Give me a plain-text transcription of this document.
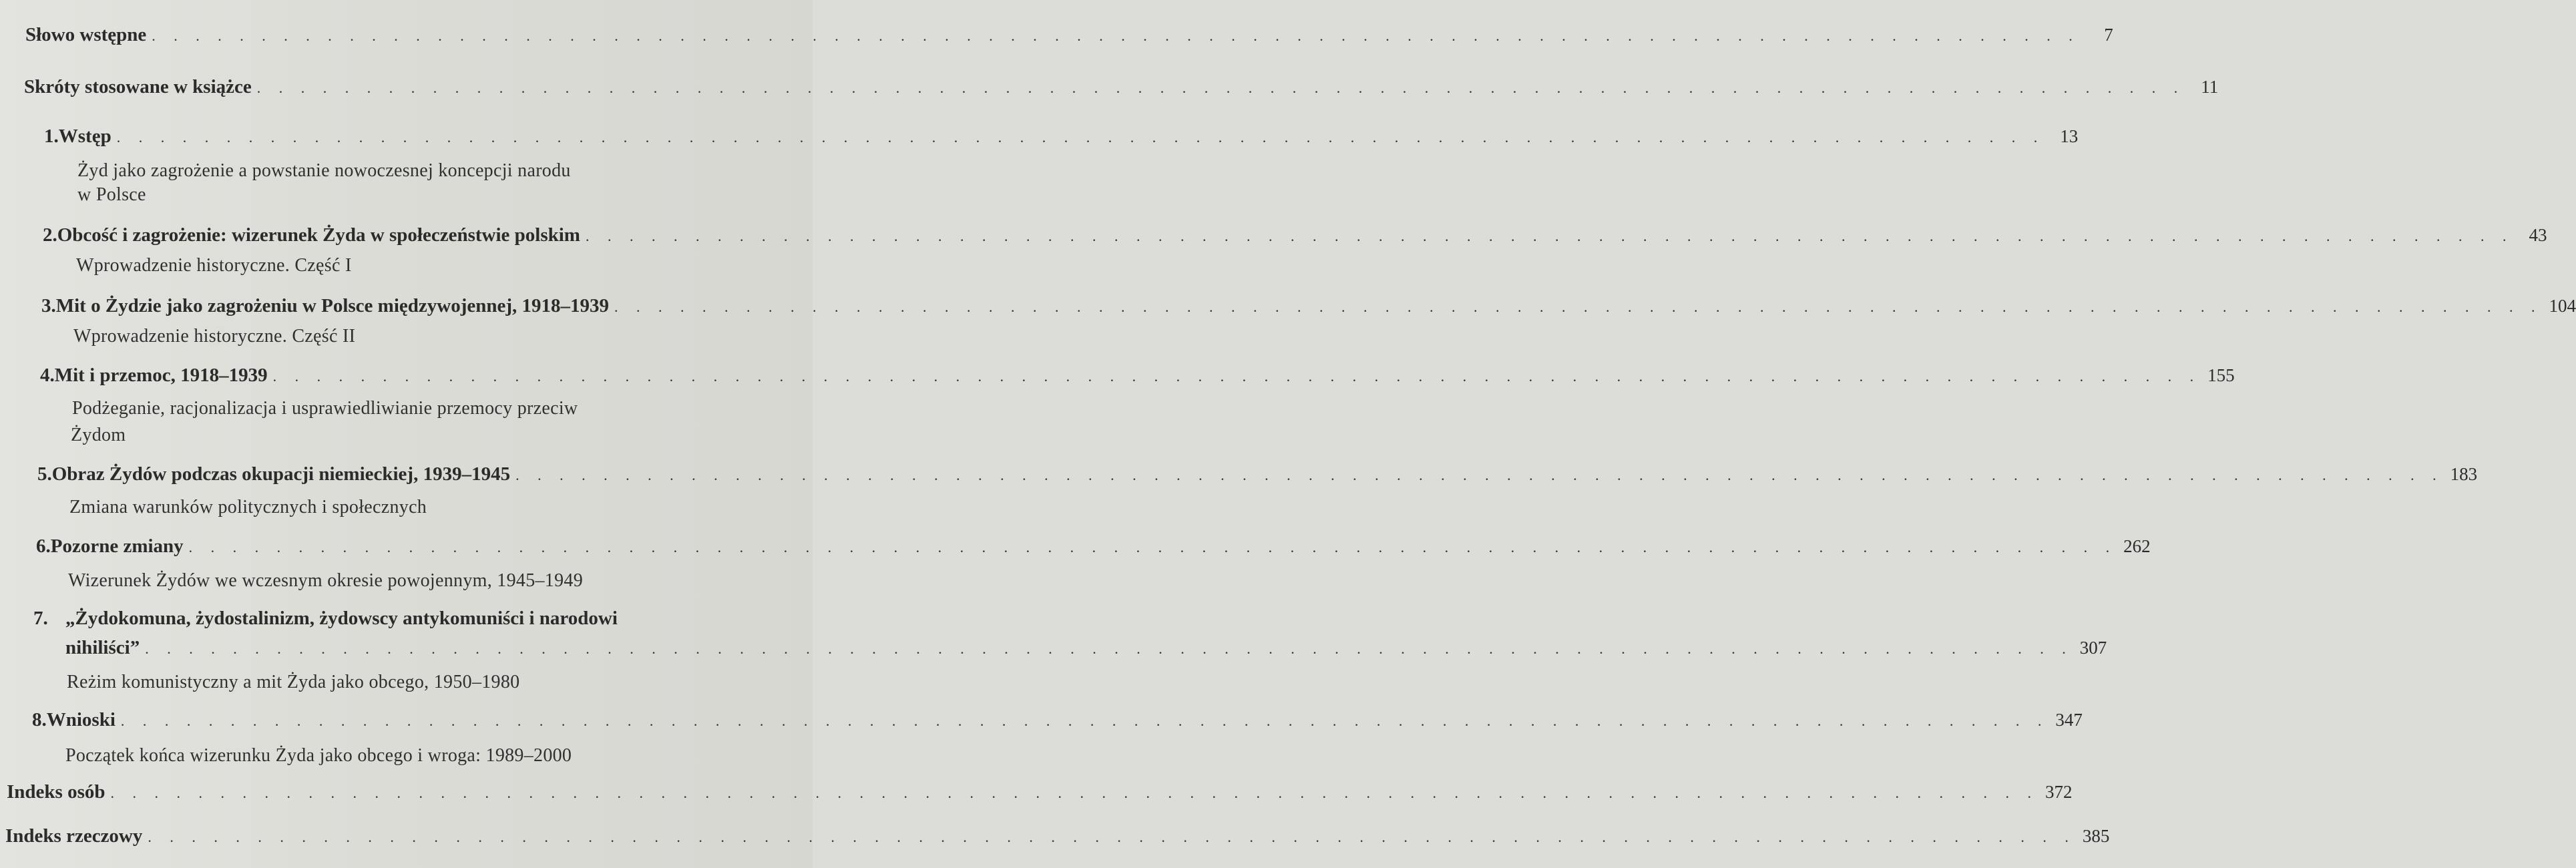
Słowo wstępne . . . . . . . . . . . . . . . . . . . . . . . . . . . . . . . . . . . . . . . . . . . . . . . . . . . . . . . . . . . . . . . . . . . . . . . . . . . . . . . . . . . . . . . .	7
Skróty stosowane w książce . . . . . . . . . . . . . . . . . . . . . . . . . . . . . . . . . . . . . . . . . . . . . . . . . . . . . . . . . . . . . . . . . . . . . . . . . . . . . . . . . . . . . . . . 11
1. Wstęp . . . . . . . . . . . . . . . . . . . . . . . . . . . . . . . . . . . . . . . . . . . . . . . . . . . . . . . . . . . . . . . . . . . . . . . . . . . . . . . . . . . . . . . . 13
Żyd jako zagrożenie a powstanie nowoczesnej koncepcji narodu
w Polsce
2. Obcość i zagrożenie: wizerunek Żyda w społeczeństwie polskim . . . . . . . . . . . . . . . . . . . . . . . . . . . . . . . . . . . . . . . . . . . . . . . . . . . . . . . . . . . . . . . . . . . . . . . . . . . . . . . . . . . . . . . . 43
Wprowadzenie historyczne. Część I
3. Mit o Żydzie jako zagrożeniu w Polsce międzywojennej, 1918–1939 . . . . . . . . . . . . . . . . . . . . . . . . . . . . . . . . . . . . . . . . . . . . . . . . . . . . . . . . . . . . . . . . . . . . . . . . . . . . . . . . . . . . . . . . 104
Wprowadzenie historyczne. Część II
4. Mit i przemoc, 1918–1939 . . . . . . . . . . . . . . . . . . . . . . . . . . . . . . . . . . . . . . . . . . . . . . . . . . . . . . . . . . . . . . . . . . . . . . . . . . . . . . . . . . . . . . . . 155
Podżeganie, racjonalizacja i usprawiedliwianie przemocy przeciw
Żydom
5. Obraz Żydów podczas okupacji niemieckiej, 1939–1945 . . . . . . . . . . . . . . . . . . . . . . . . . . . . . . . . . . . . . . . . . . . . . . . . . . . . . . . . . . . . . . . . . . . . . . . . . . . . . . . . . . . . . . . . 183
Zmiana warunków politycznych i społecznych
6. Pozorne zmiany . . . . . . . . . . . . . . . . . . . . . . . . . . . . . . . . . . . . . . . . . . . . . . . . . . . . . . . . . . . . . . . . . . . . . . . . . . . . . . . . . . . . . . . . 262
Wizerunek Żydów we wczesnym okresie powojennym, 1945–1949
7. „Żydokomuna, żydostalinizm, żydowscy antykomuniści i narodowi
nihiliści” . . . . . . . . . . . . . . . . . . . . . . . . . . . . . . . . . . . . . . . . . . . . . . . . . . . . . . . . . . . . . . . . . . . . . . . . . . . . . . . . . . . . . . . . 307
Reżim komunistyczny a mit Żyda jako obcego, 1950–1980
8. Wnioski . . . . . . . . . . . . . . . . . . . . . . . . . . . . . . . . . . . . . . . . . . . . . . . . . . . . . . . . . . . . . . . . . . . . . . . . . . . . . . . . . . . . . . . . 347
Początek końca wizerunku Żyda jako obcego i wroga: 1989–2000
Indeks osób . . . . . . . . . . . . . . . . . . . . . . . . . . . . . . . . . . . . . . . . . . . . . . . . . . . . . . . . . . . . . . . . . . . . . . . . . . . . . . . . . . . . . . . . 372
Indeks rzeczowy . . . . . . . . . . . . . . . . . . . . . . . . . . . . . . . . . . . . . . . . . . . . . . . . . . . . . . . . . . . . . . . . . . . . . . . . . . . . . . . . . . . . . . . . 385
